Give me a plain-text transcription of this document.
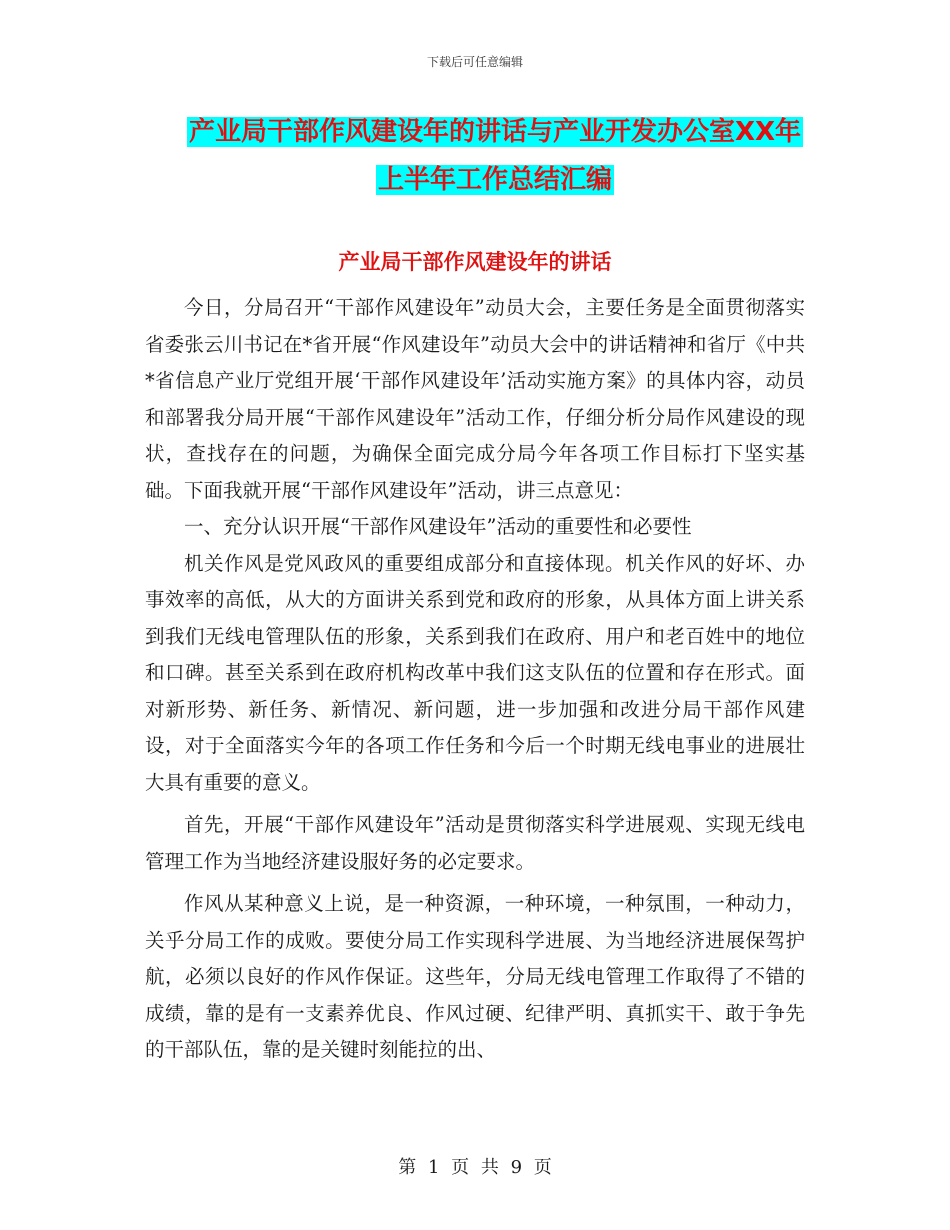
下载后可任意编辑
产业局干部作风建设年的讲话与产业开发办公室XX年
上半年工作总结汇编
产业局干部作风建设年的讲话

今日，分局召开“干部作风建设年”动员大会，主要任务是全面贯彻落实省委张云川书记在*省开展“作风建设年”动员大会中的讲话精神和省厅《中共*省信息产业厅党组开展‘干部作风建设年’活动实施方案》的具体内容，动员和部署我分局开展“干部作风建设年”活动工作，仔细分析分局作风建设的现状，查找存在的问题，为确保全面完成分局今年各项工作目标打下坚实基础。下面我就开展“干部作风建设年”活动，讲三点意见：

一、充分认识开展“干部作风建设年”活动的重要性和必要性

机关作风是党风政风的重要组成部分和直接体现。机关作风的好坏、办事效率的高低，从大的方面讲关系到党和政府的形象，从具体方面上讲关系到我们无线电管理队伍的形象，关系到我们在政府、用户和老百姓中的地位和口碑。甚至关系到在政府机构改革中我们这支队伍的位置和存在形式。面对新形势、新任务、新情况、新问题，进一步加强和改进分局干部作风建设，对于全面落实今年的各项工作任务和今后一个时期无线电事业的进展壮大具有重要的意义。

首先，开展“干部作风建设年”活动是贯彻落实科学进展观、实现无线电管理工作为当地经济建设服好务的必定要求。

作风从某种意义上说，是一种资源，一种环境，一种氛围，一种动力，关乎分局工作的成败。要使分局工作实现科学进展、为当地经济进展保驾护航，必须以良好的作风作保证。这些年，分局无线电管理工作取得了不错的成绩，靠的是有一支素养优良、作风过硬、纪律严明、真抓实干、敢于争先的干部队伍，靠的是关键时刻能拉的出、

第 1 页 共 9 页
